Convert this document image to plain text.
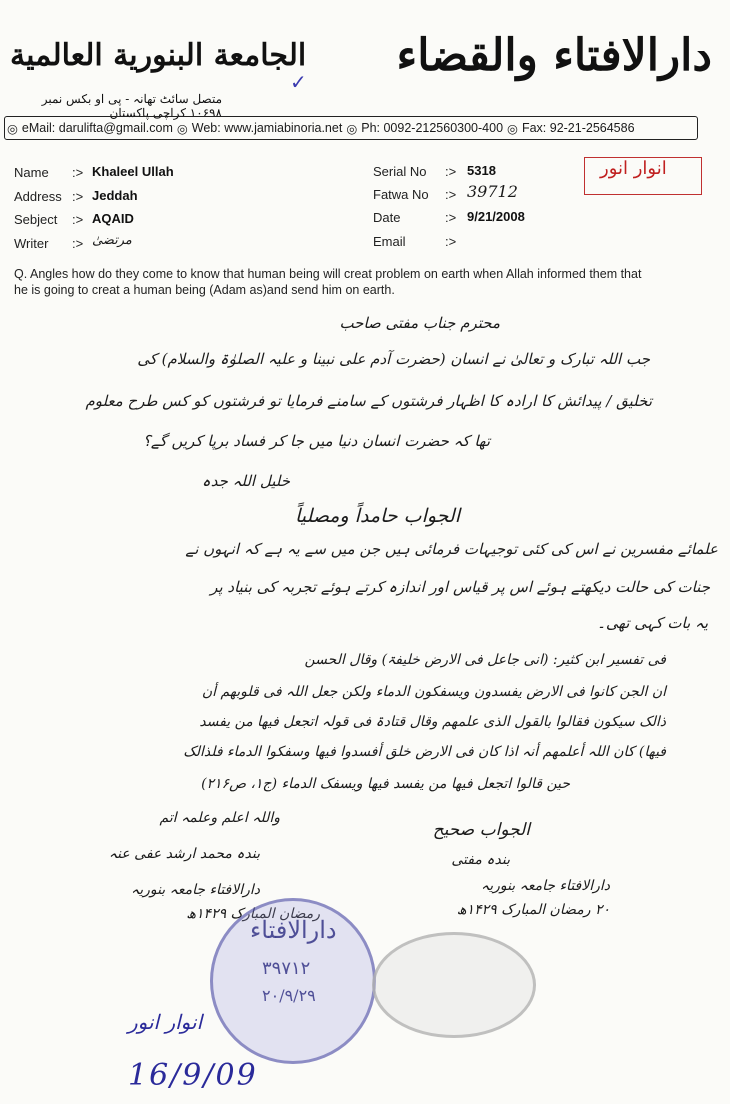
دارالافتاء والقضاء
الجامعة البنورية العالمية
متصل سائٹ تھانہ - پی او بکس نمبر ۱۰۶۹۸ کراچی پاکستان
✓
◎ eMail: darulifta@gmail.com ◎ Web: www.jamiabinoria.net ◎ Ph: 0092-212560300-400 ◎ Fax: 92-21-2564586
Name :> Khaleel Ullah
Address :> Jeddah
Sebject :> AQAID
Writer :> مرتضیٰ
Serial No :> 5318
Fatwa No :> 39712
Date	:> 9/21/2008
Email	:>
انوار انور
Q. Angles how do they come to know that human being will creat problem on earth when Allah informed them that he is going to creat a human being (Adam as)and send him on earth.
محترم جناب مفتی صاحب
جب اللہ تبارک و تعالیٰ نے انسان (حضرت آدم علی نبینا و علیہ الصلوٰۃ والسلام) کی
تخلیق / پیدائش کا ارادہ کا اظہار فرشتوں کے سامنے فرمایا تو فرشتوں کو کس طرح معلوم
تھا کہ حضرت انسان دنیا میں جا کر فساد برپا کریں گے؟
خلیل اللہ جدہ
الجواب حامداً ومصلیاً
علمائے مفسرین نے اس کی کئی توجیہات فرمائی ہیں جن میں سے یہ ہے کہ انہوں نے
جنات کی حالت دیکھتے ہوئے اس پر قیاس اور اندازہ کرتے ہوئے تجربہ کی بنیاد پر
یہ بات کہی تھی۔
فی تفسیر ابن کثیر: (انی جاعل فی الارض خلیفۃ) وقال الحسن
ان الجن کانوا فی الارض یفسدون ویسفکون الدماء ولکن جعل اللہ فی قلوبھم أن
ذالک سیکون فقالوا بالقول الذی علمھم وقال قتادۃ فی قولہ اتجعل فیھا من یفسد
فیھا) کان اللہ أعلمھم أنہ اذا کان فی الارض خلق أفسدوا فیھا وسفکوا الدماء فلذالک
حین قالوا اتجعل فیھا من یفسد فیھا ویسفک الدماء (ج۱، ص۲۱۶)
واللہ اعلم وعلمہ اتم
بندہ محمد ارشد عفی عنہ
دارالافتاء جامعہ بنوریہ
رمضان المبارک ۱۴۲۹ھ
الجواب صحیح
بندہ مفتی
دارالافتاء جامعہ بنوریہ
۲۰ رمضان المبارک ۱۴۲۹ھ
دارالافتاء
۳۹۷۱۲
۲۰/۹/۲۹
انوار انور
16/9/09
